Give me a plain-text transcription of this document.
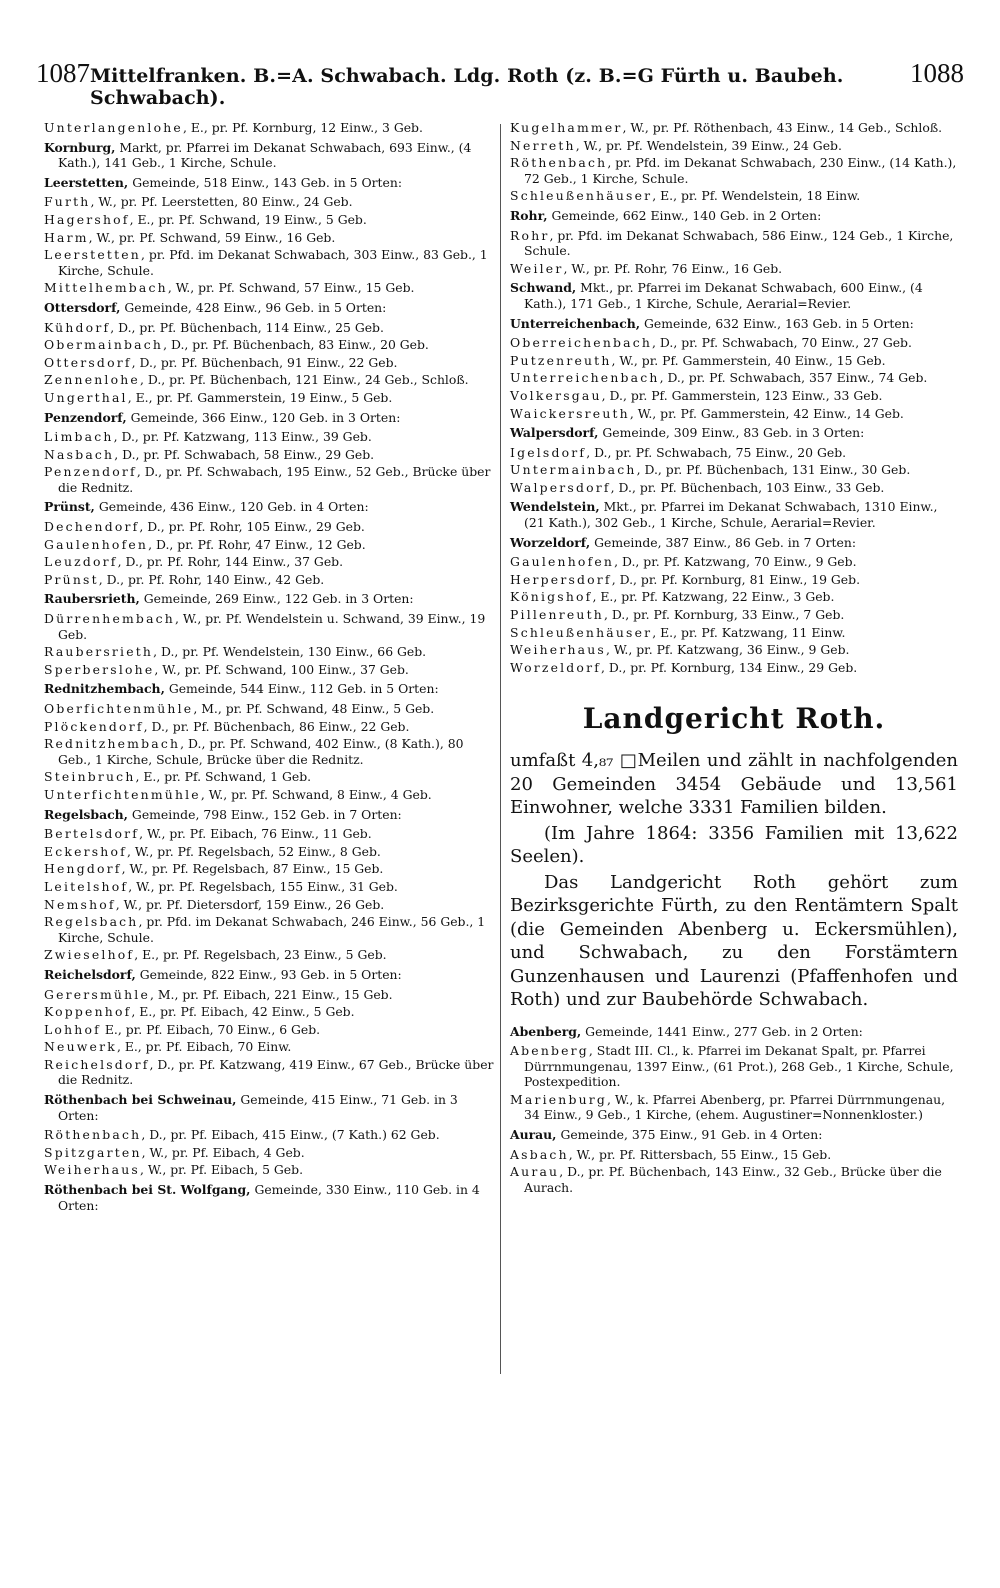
1087 Mittelfranken. B.=A. Schwabach. Ldg. Roth (z. B.=G Fürth u. Baubeh. Schwabach).
1088

Unterlangenlohe, E., pr. Pf. Kornburg, 12 Einw., 3 Geb.

Kornburg, Markt, pr. Pfarrei im Dekanat Schwabach, 693 Einw., (4 Kath.), 141 Geb., 1 Kirche, Schule.

Leerstetten, Gemeinde, 518 Einw., 143 Geb. in 5 Orten:

Furth, W., pr. Pf. Leerstetten, 80 Einw., 24 Geb.

Hagershof, E., pr. Pf. Schwand, 19 Einw., 5 Geb.

Harm, W., pr. Pf. Schwand, 59 Einw., 16 Geb.

Leerstetten, pr. Pfd. im Dekanat Schwabach, 303 Einw., 83 Geb., 1 Kirche, Schule.

Mittelhembach, W., pr. Pf. Schwand, 57 Einw., 15 Geb.

Ottersdorf, Gemeinde, 428 Einw., 96 Geb. in 5 Orten:

Kühdorf, D., pr. Pf. Büchenbach, 114 Einw., 25 Geb.

Obermainbach, D., pr. Pf. Büchenbach, 83 Einw., 20 Geb.

Ottersdorf, D., pr. Pf. Büchenbach, 91 Einw., 22 Geb.

Zennenlohe, D., pr. Pf. Büchenbach, 121 Einw., 24 Geb., Schloß.

Ungerthal, E., pr. Pf. Gammerstein, 19 Einw., 5 Geb.

Penzendorf, Gemeinde, 366 Einw., 120 Geb. in 3 Orten:

Limbach, D., pr. Pf. Katzwang, 113 Einw., 39 Geb.

Nasbach, D., pr. Pf. Schwabach, 58 Einw., 29 Geb.

Penzendorf, D., pr. Pf. Schwabach, 195 Einw., 52 Geb., Brücke über die Rednitz.

Prünst, Gemeinde, 436 Einw., 120 Geb. in 4 Orten:

Dechendorf, D., pr. Pf. Rohr, 105 Einw., 29 Geb.

Gaulenhofen, D., pr. Pf. Rohr, 47 Einw., 12 Geb.

Leuzdorf, D., pr. Pf. Rohr, 144 Einw., 37 Geb.

Prünst, D., pr. Pf. Rohr, 140 Einw., 42 Geb.

Raubersrieth, Gemeinde, 269 Einw., 122 Geb. in 3 Orten:

Dürrenhembach, W., pr. Pf. Wendelstein u. Schwand, 39 Einw., 19 Geb.

Raubersrieth, D., pr. Pf. Wendelstein, 130 Einw., 66 Geb.

Sperberslohe, W., pr. Pf. Schwand, 100 Einw., 37 Geb.

Rednitzhembach, Gemeinde, 544 Einw., 112 Geb. in 5 Orten:

Oberfichtenmühle, M., pr. Pf. Schwand, 48 Einw., 5 Geb.

Plöckendorf, D., pr. Pf. Büchenbach, 86 Einw., 22 Geb.

Rednitzhembach, D., pr. Pf. Schwand, 402 Einw., (8 Kath.), 80 Geb., 1 Kirche, Schule, Brücke über die Rednitz.

Steinbruch, E., pr. Pf. Schwand, 1 Geb.

Unterfichtenmühle, W., pr. Pf. Schwand, 8 Einw., 4 Geb.

Regelsbach, Gemeinde, 798 Einw., 152 Geb. in 7 Orten:

Bertelsdorf, W., pr. Pf. Eibach, 76 Einw., 11 Geb.

Eckershof, W., pr. Pf. Regelsbach, 52 Einw., 8 Geb.

Hengdorf, W., pr. Pf. Regelsbach, 87 Einw., 15 Geb.

Leitelshof, W., pr. Pf. Regelsbach, 155 Einw., 31 Geb.

Nemshof, W., pr. Pf. Dietersdorf, 159 Einw., 26 Geb.

Regelsbach, pr. Pfd. im Dekanat Schwabach, 246 Einw., 56 Geb., 1 Kirche, Schule.

Zwieselhof, E., pr. Pf. Regelsbach, 23 Einw., 5 Geb.

Reichelsdorf, Gemeinde, 822 Einw., 93 Geb. in 5 Orten:

Gerersmühle, M., pr. Pf. Eibach, 221 Einw., 15 Geb.

Koppenhof, E., pr. Pf. Eibach, 42 Einw., 5 Geb.

Lohhof E., pr. Pf. Eibach, 70 Einw., 6 Geb.

Neuwerk, E., pr. Pf. Eibach, 70 Einw.

Reichelsdorf, D., pr. Pf. Katzwang, 419 Einw., 67 Geb., Brücke über die Rednitz.

Röthenbach bei Schweinau, Gemeinde, 415 Einw., 71 Geb. in 3 Orten:

Röthenbach, D., pr. Pf. Eibach, 415 Einw., (7 Kath.) 62 Geb.

Spitzgarten, W., pr. Pf. Eibach, 4 Geb.

Weiherhaus, W., pr. Pf. Eibach, 5 Geb.

Röthenbach bei St. Wolfgang, Gemeinde, 330 Einw., 110 Geb. in 4 Orten:

Kugelhammer, W., pr. Pf. Röthenbach, 43 Einw., 14 Geb., Schloß.

Nerreth, W., pr. Pf. Wendelstein, 39 Einw., 24 Geb.

Röthenbach, pr. Pfd. im Dekanat Schwabach, 230 Einw., (14 Kath.), 72 Geb., 1 Kirche, Schule.

Schleußenhäuser, E., pr. Pf. Wendelstein, 18 Einw.

Rohr, Gemeinde, 662 Einw., 140 Geb. in 2 Orten:

Rohr, pr. Pfd. im Dekanat Schwabach, 586 Einw., 124 Geb., 1 Kirche, Schule.

Weiler, W., pr. Pf. Rohr, 76 Einw., 16 Geb.

Schwand, Mkt., pr. Pfarrei im Dekanat Schwabach, 600 Einw., (4 Kath.), 171 Geb., 1 Kirche, Schule, Aerarial=Revier.

Unterreichenbach, Gemeinde, 632 Einw., 163 Geb. in 5 Orten:

Oberreichenbach, D., pr. Pf. Schwabach, 70 Einw., 27 Geb.

Putzenreuth, W., pr. Pf. Gammerstein, 40 Einw., 15 Geb.

Unterreichenbach, D., pr. Pf. Schwabach, 357 Einw., 74 Geb.

Volkersgau, D., pr. Pf. Gammerstein, 123 Einw., 33 Geb.

Waickersreuth, W., pr. Pf. Gammerstein, 42 Einw., 14 Geb.

Walpersdorf, Gemeinde, 309 Einw., 83 Geb. in 3 Orten:

Igelsdorf, D., pr. Pf. Schwabach, 75 Einw., 20 Geb.

Untermainbach, D., pr. Pf. Büchenbach, 131 Einw., 30 Geb.

Walpersdorf, D., pr. Pf. Büchenbach, 103 Einw., 33 Geb.

Wendelstein, Mkt., pr. Pfarrei im Dekanat Schwabach, 1310 Einw., (21 Kath.), 302 Geb., 1 Kirche, Schule, Aerarial=Revier.

Worzeldorf, Gemeinde, 387 Einw., 86 Geb. in 7 Orten:

Gaulenhofen, D., pr. Pf. Katzwang, 70 Einw., 9 Geb.

Herpersdorf, D., pr. Pf. Kornburg, 81 Einw., 19 Geb.

Königshof, E., pr. Pf. Katzwang, 22 Einw., 3 Geb.

Pillenreuth, D., pr. Pf. Kornburg, 33 Einw., 7 Geb.

Schleußenhäuser, E., pr. Pf. Katzwang, 11 Einw.

Weiherhaus, W., pr. Pf. Katzwang, 36 Einw., 9 Geb.

Worzeldorf, D., pr. Pf. Kornburg, 134 Einw., 29 Geb.

Landgericht Roth.

umfaßt 4,₈₇ □Meilen und zählt in nachfolgenden 20 Gemeinden 3454 Gebäude und 13,561 Einwohner, welche 3331 Familien bilden.

(Im Jahre 1864: 3356 Familien mit 13,622 Seelen).

Das Landgericht Roth gehört zum Bezirksgerichte Fürth, zu den Rentämtern Spalt (die Gemeinden Abenberg u. Eckersmühlen), und Schwabach, zu den Forstämtern Gunzenhausen und Laurenzi (Pfaffenhofen und Roth) und zur Baubehörde Schwabach.

Abenberg, Gemeinde, 1441 Einw., 277 Geb. in 2 Orten:

Abenberg, Stadt III. Cl., k. Pfarrei im Dekanat Spalt, pr. Pfarrei Dürrnmungenau, 1397 Einw., (61 Prot.), 268 Geb., 1 Kirche, Schule, Postexpedition.

Marienburg, W., k. Pfarrei Abenberg, pr. Pfarrei Dürrnmungenau, 34 Einw., 9 Geb., 1 Kirche, (ehem. Augustiner=Nonnenkloster.)

Aurau, Gemeinde, 375 Einw., 91 Geb. in 4 Orten:

Asbach, W., pr. Pf. Rittersbach, 55 Einw., 15 Geb.

Aurau, D., pr. Pf. Büchenbach, 143 Einw., 32 Geb., Brücke über die Aurach.
